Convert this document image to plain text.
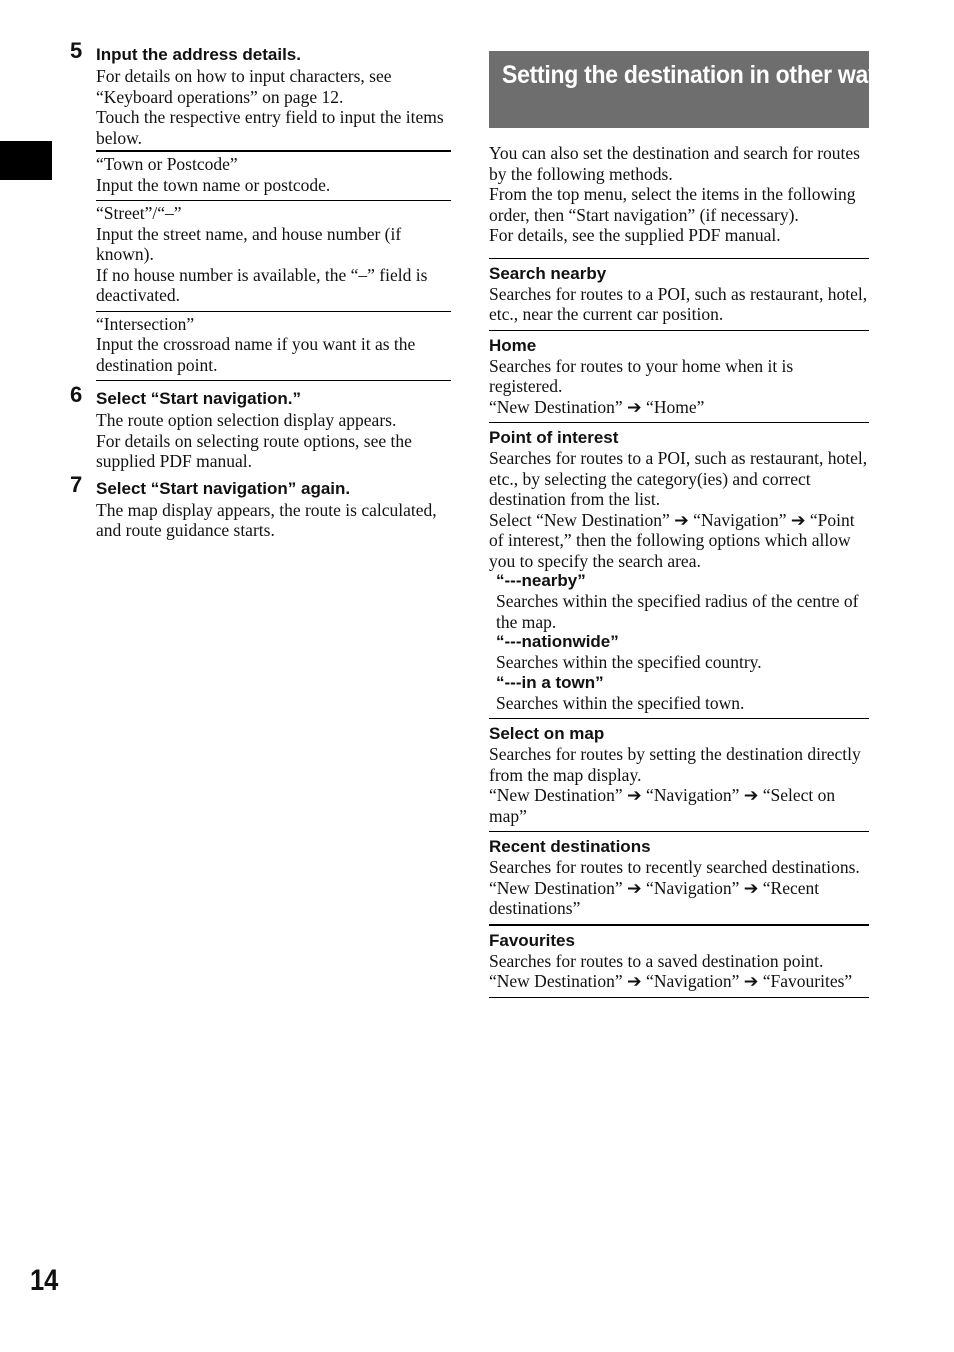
5 Input the address details.

For details on how to input characters, see “Keyboard operations” on page 12.

Touch the respective entry field to input the items below.

“Town or Postcode”

Input the town name or postcode.

“Street”/“–”

Input the street name, and house number (if known).

If no house number is available, the “–” field is deactivated.

“Intersection”

Input the crossroad name if you want it as the destination point.

6 Select “Start navigation.”

The route option selection display appears.

For details on selecting route options, see the supplied PDF manual.

7 Select “Start navigation” again.

The map display appears, the route is calculated, and route guidance starts.

Setting the destination in other ways

You can also set the destination and search for routes by the following methods.

From the top menu, select the items in the following order, then “Start navigation” (if necessary).

For details, see the supplied PDF manual.

Search nearby

Searches for routes to a POI, such as restaurant, hotel, etc., near the current car position.

Home

Searches for routes to your home when it is registered.

“New Destination” ➔ “Home”

Point of interest

Searches for routes to a POI, such as restaurant, hotel, etc., by selecting the category(ies) and correct destination from the list.

Select “New Destination” ➔ “Navigation” ➔ “Point of interest,” then the following options which allow you to specify the search area.

“---nearby”

Searches within the specified radius of the centre of the map.

“---nationwide”

Searches within the specified country.

“---in a town”

Searches within the specified town.

Select on map

Searches for routes by setting the destination directly from the map display.

“New Destination” ➔ “Navigation” ➔ “Select on map”

Recent destinations

Searches for routes to recently searched destinations.

“New Destination” ➔ “Navigation” ➔ “Recent destinations”

Favourites

Searches for routes to a saved destination point.

“New Destination” ➔ “Navigation” ➔ “Favourites”

14
